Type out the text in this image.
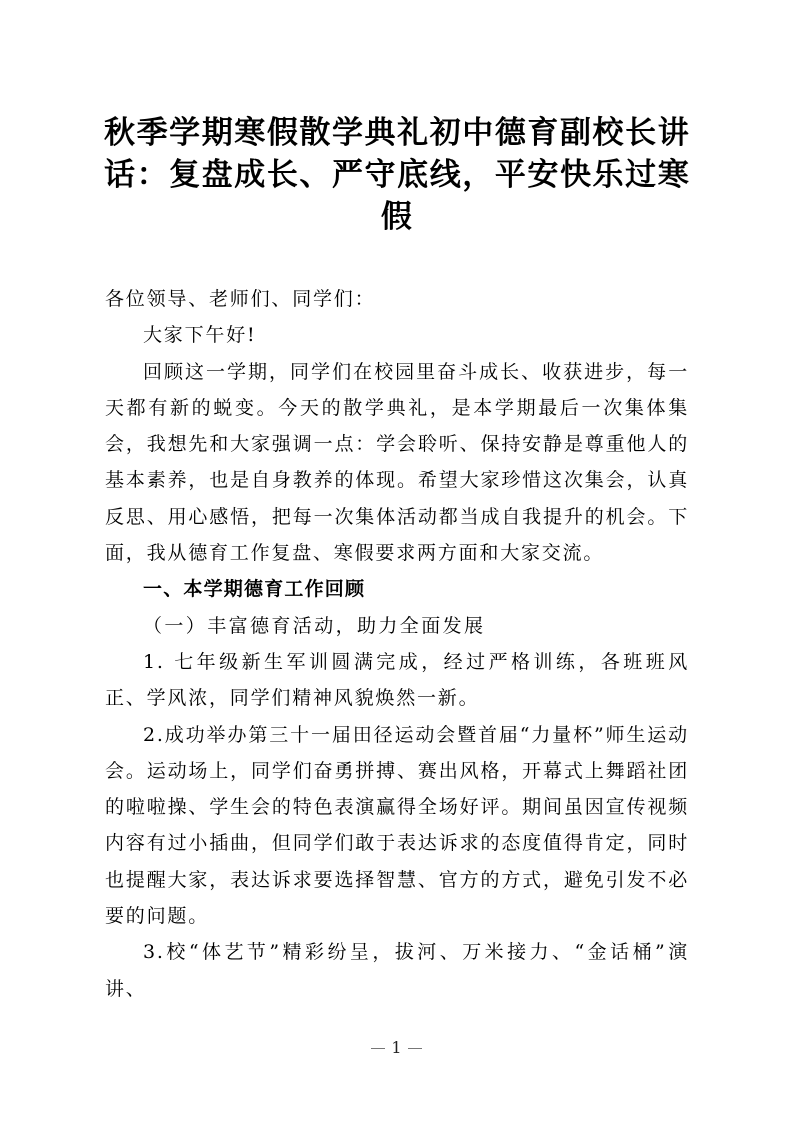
秋季学期寒假散学典礼初中德育副校长讲话：复盘成长、严守底线，平安快乐过寒假

各位领导、老师们、同学们：

大家下午好!

回顾这一学期，同学们在校园里奋斗成长、收获进步，每一天都有新的蜕变。今天的散学典礼，是本学期最后一次集体集会，我想先和大家强调一点：学会聆听、保持安静是尊重他人的基本素养，也是自身教养的体现。希望大家珍惜这次集会，认真反思、用心感悟，把每一次集体活动都当成自我提升的机会。下面，我从德育工作复盘、寒假要求两方面和大家交流。

一、本学期德育工作回顾

（一）丰富德育活动，助力全面发展

1. 七年级新生军训圆满完成，经过严格训练，各班班风正、学风浓，同学们精神风貌焕然一新。

2.成功举办第三十一届田径运动会暨首届“力量杯”师生运动会。运动场上，同学们奋勇拼搏、赛出风格，开幕式上舞蹈社团的啦啦操、学生会的特色表演赢得全场好评。期间虽因宣传视频内容有过小插曲，但同学们敢于表达诉求的态度值得肯定，同时也提醒大家，表达诉求要选择智慧、官方的方式，避免引发不必要的问题。

3.校“体艺节”精彩纷呈，拔河、万米接力、“金话桶”演讲、

1
